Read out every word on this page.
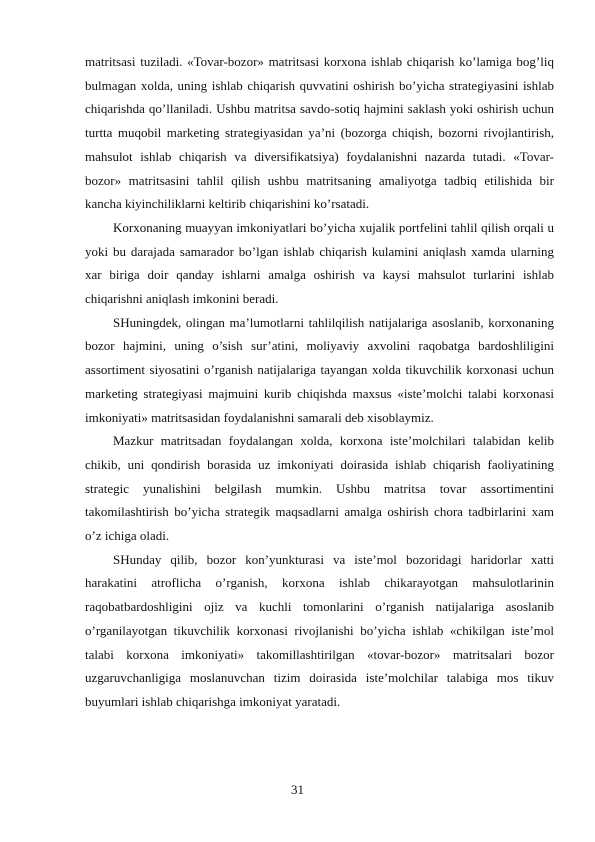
matritsasi tuziladi. «Tovar-bozor» matritsasi korxona ishlab chiqarish ko’lamiga bog’liq bulmagan xolda, uning ishlab chiqarish quvvatini oshirish bo’yicha strategiyasini ishlab chiqarishda qo’llaniladi. Ushbu matritsa savdo-sotiq hajmini saklash yoki oshirish uchun turtta muqobil marketing strategiyasidan ya’ni (bozorga chiqish, bozorni rivojlantirish, mahsulot ishlab chiqarish va diversifikatsiya) foydalanishni nazarda tutadi. «Tovar-bozor» matritsasini tahlil qilish ushbu matritsaning amaliyotga tadbiq etilishida bir kancha kiyinchiliklarni keltirib chiqarishini ko’rsatadi.

Korxonaning muayyan imkoniyatlari bo’yicha xujalik portfelini tahlil qilish orqali u yoki bu darajada samarador bo’lgan ishlab chiqarish kulamini aniqlash xamda ularning xar biriga doir qanday ishlarni amalga oshirish va kaysi mahsulot turlarini ishlab chiqarishni aniqlash imkonini beradi.

SHuningdek, olingan ma’lumotlarni tahlilqilish natijalariga asoslanib, korxonaning bozor hajmini, uning o’sish sur’atini, moliyaviy axvolini raqobatga bardoshliligini assortiment siyosatini o’rganish natijalariga tayangan xolda tikuvchilik korxonasi uchun marketing strategiyasi majmuini kurib chiqishda maxsus «iste’molchi talabi korxonasi imkoniyati» matritsasidan foydalanishni samarali deb xisoblaymiz.

Mazkur matritsadan foydalangan xolda, korxona iste’molchilari talabidan kelib chikib, uni qondirish borasida uz imkoniyati doirasida ishlab chiqarish faoliyatining strategic yunalishini belgilash mumkin. Ushbu matritsa tovar assortimentini takomilashtirish bo’yicha strategik maqsadlarni amalga oshirish chora tadbirlarini xam o’z ichiga oladi.

SHunday qilib, bozor kon’yunkturasi va iste’mol bozoridagi haridorlar xatti harakatini atroflicha o’rganish, korxona ishlab chikarayotgan mahsulotlarinin raqobatbardoshligini ojiz va kuchli tomonlarini o’rganish natijalariga asoslanib o’rganilayotgan tikuvchilik korxonasi rivojlanishi bo’yicha ishlab «chikilgan iste’mol talabi korxona imkoniyati» takomillashtirilgan «tovar-bozor» matritsalari bozor uzgaruvchanligiga moslanuvchan tizim doirasida iste’molchilar talabiga mos tikuv buyumlari ishlab chiqarishga imkoniyat yaratadi.

31
